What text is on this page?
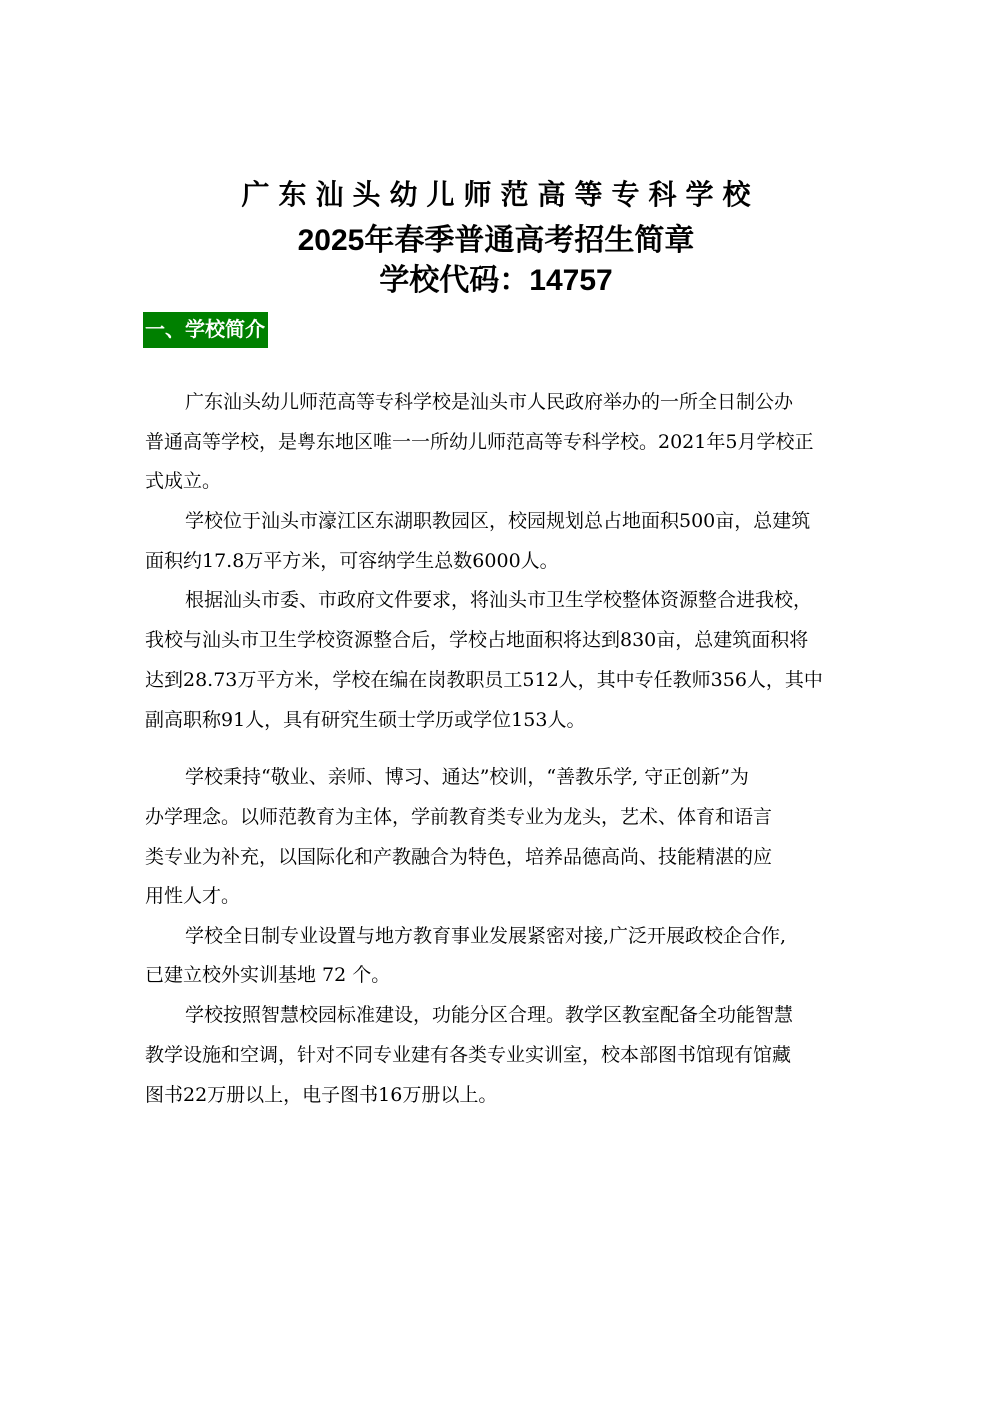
广东汕头幼儿师范高等专科学校
2025年春季普通高考招生简章
学校代码：14757
一、学校简介
广东汕头幼儿师范高等专科学校是汕头市人民政府举办的一所全日制公办
普通高等学校，是粤东地区唯一一所幼儿师范高等专科学校。2021年5月学校正
式成立。
学校位于汕头市濠江区东湖职教园区，校园规划总占地面积500亩，总建筑
面积约17.8万平方米，可容纳学生总数6000人。
根据汕头市委、市政府文件要求，将汕头市卫生学校整体资源整合进我校，
我校与汕头市卫生学校资源整合后，学校占地面积将达到830亩，总建筑面积将
达到28.73万平方米，学校在编在岗教职员工512人，其中专任教师356人，其中
副高职称91人，具有研究生硕士学历或学位153人。
学校秉持“敬业、亲师、博习、通达”校训，“善教乐学, 守正创新”为
办学理念。以师范教育为主体，学前教育类专业为龙头，艺术、体育和语言
类专业为补充，以国际化和产教融合为特色，培养品德高尚、技能精湛的应
用性人才。
学校全日制专业设置与地方教育事业发展紧密对接,广泛开展政校企合作,
已建立校外实训基地 72 个。
学校按照智慧校园标准建设，功能分区合理。教学区教室配备全功能智慧
教学设施和空调，针对不同专业建有各类专业实训室，校本部图书馆现有馆藏
图书22万册以上，电子图书16万册以上。
